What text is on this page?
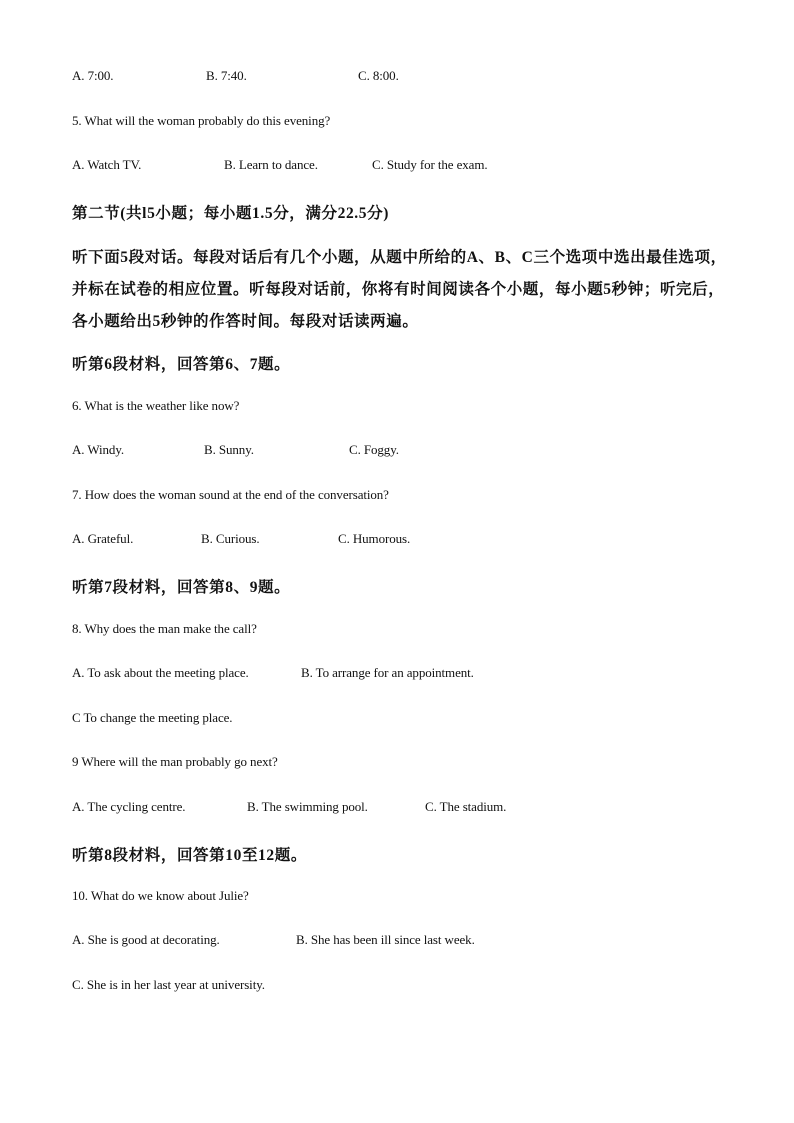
A. 7:00.	B. 7:40.	C. 8:00.
5. What will the woman probably do this evening?
A. Watch TV.	B. Learn to dance.	C. Study for the exam.
第二节(共l5小题；每小题1.5分，满分22.5分)
听下面5段对话。每段对话后有几个小题，从题中所给的A、B、C三个选项中选出最佳选项，
并标在试卷的相应位置。听每段对话前，你将有时间阅读各个小题，每小题5秒钟；听完后，
各小题给出5秒钟的作答时间。每段对话读两遍。
听第6段材料，回答第6、7题。
6. What is the weather like now?
A. Windy.	B. Sunny.	C. Foggy.
7. How does the woman sound at the end of the conversation?
A. Grateful.	B. Curious.	C. Humorous.
听第7段材料，回答第8、9题。
8. Why does the man make the call?
A. To ask about the meeting place.	B. To arrange for an appointment.
C To change the meeting place.
9 Where will the man probably go next?
A. The cycling centre.	B. The swimming pool.	C. The stadium.
听第8段材料，回答第10至12题。
10. What do we know about Julie?
A. She is good at decorating.	B. She has been ill since last week.
C. She is in her last year at university.
